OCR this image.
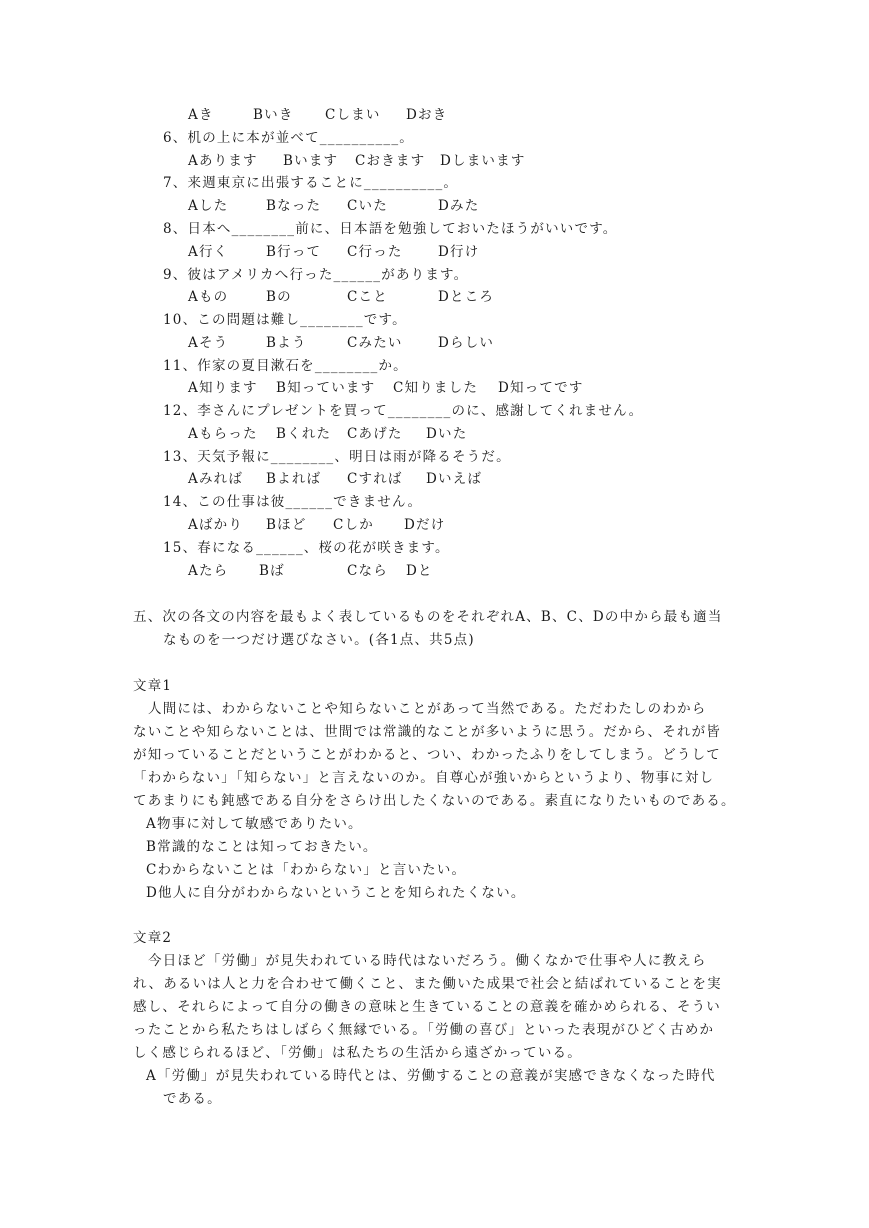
Aき	Bいき Cしまい Dおき
6、机の上に本が並べて__________。
Aあります Bいます Cおきます Dしまいます
7、来週東京に出張することに__________。
Aした	Bなった Cいた	Dみた
8、日本へ________前に、日本語を勉強しておいたほうがいいです。
A行く	B行って C行った	D行け
9、彼はアメリカへ行った______があります。
Aもの	Bの	Cこと	Dところ
10、この問題は難し________です。
Aそう	Bよう	Cみたい	Dらしい
11、作家の夏目漱石を________か。
A知ります B知っています C知りました D知ってです
12、李さんにプレゼントを買って________のに、感謝してくれません。
Aもらった Bくれた Cあげた Dいた
13、天気予報に________、明日は雨が降るそうだ。
Aみれば Bよれば Cすれば Dいえば
14、この仕事は彼______できません。
Aばかり Bほど Cしか Dだけ
15、春になる______、桜の花が咲きます。
Aたら Bば	Cなら Dと
五、次の各文の内容を最もよく表しているものをそれぞれA、B、C、Dの中から最も適当
なものを一つだけ選びなさい。(各1点、共5点)
文章1
人間には、わからないことや知らないことがあって当然である。ただわたしのわから
ないことや知らないことは、世間では常識的なことが多いように思う。だから、それが皆
が知っていることだということがわかると、つい、わかったふりをしてしまう。どうして
「わからない」「知らない」と言えないのか。自尊心が強いからというより、物事に対し
てあまりにも鈍感である自分をさらけ出したくないのである。素直になりたいものである。
A物事に対して敏感でありたい。
B常識的なことは知っておきたい。
Cわからないことは「わからない」と言いたい。
D他人に自分がわからないということを知られたくない。
文章2
今日ほど「労働」が見失われている時代はないだろう。働くなかで仕事や人に教えら
れ、あるいは人と力を合わせて働くこと、また働いた成果で社会と結ばれていることを実
感し、それらによって自分の働きの意味と生きていることの意義を確かめられる、そうい
ったことから私たちはしばらく無縁でいる。「労働の喜び」といった表現がひどく古めか
しく感じられるほど、「労働」は私たちの生活から遠ざかっている。
A「労働」が見失われている時代とは、労働することの意義が実感できなくなった時代
である。
